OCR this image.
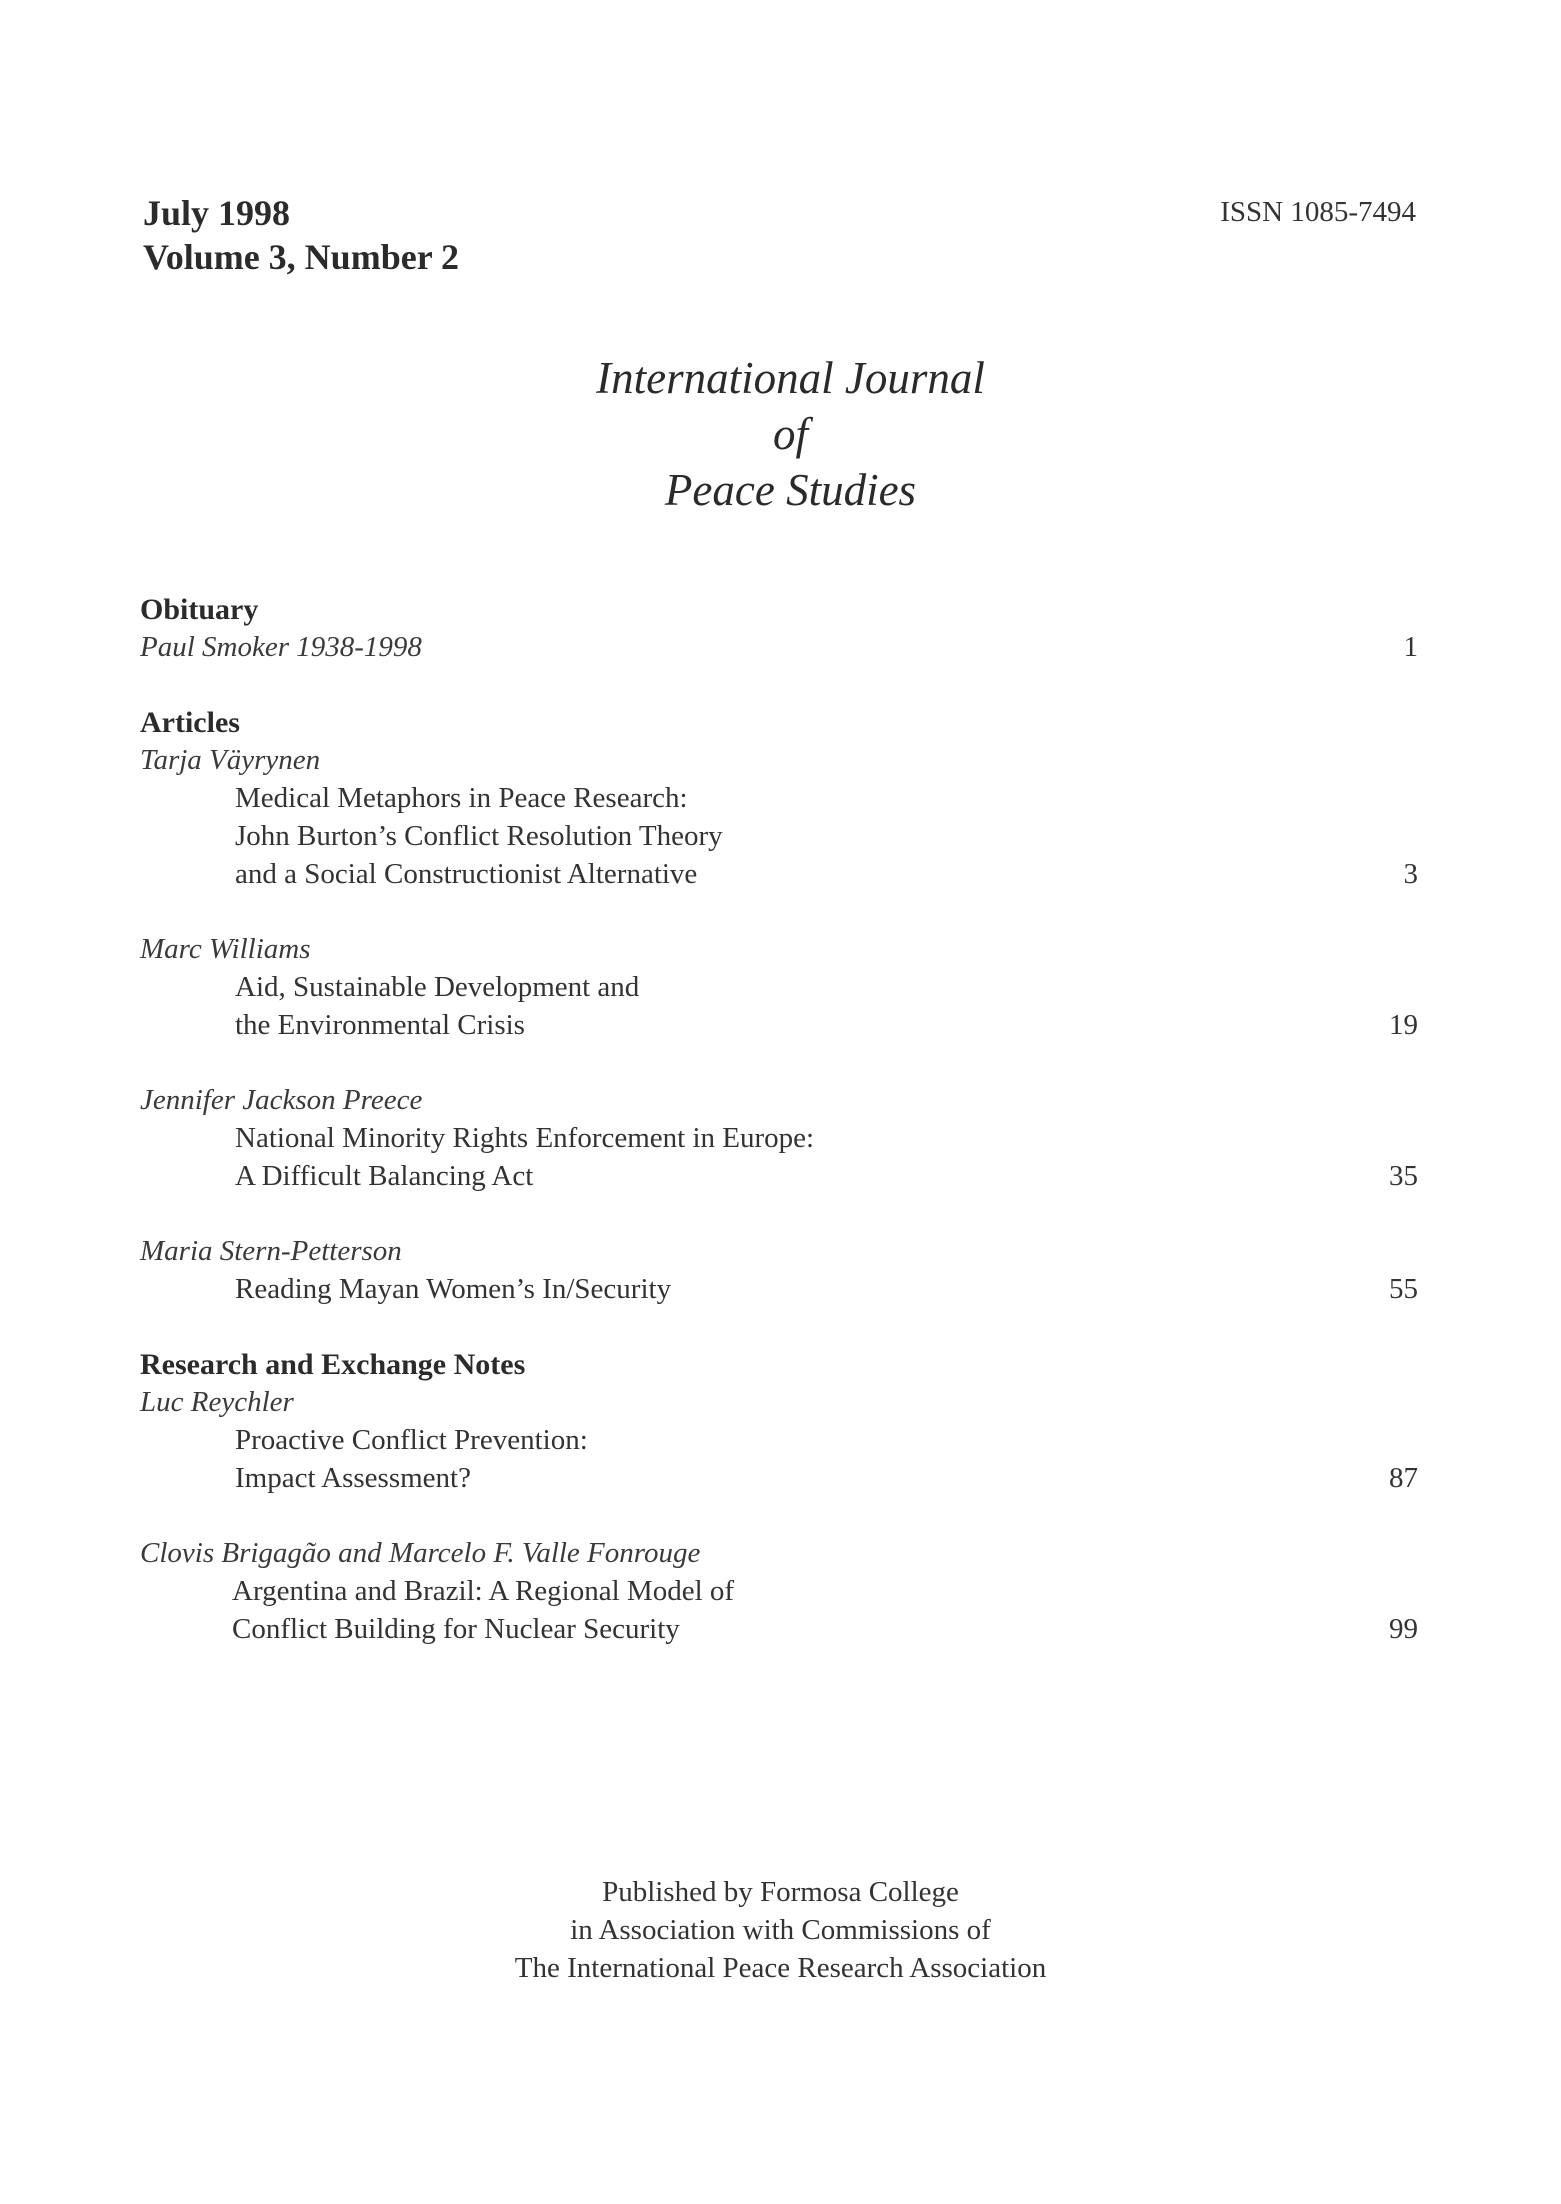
July 1998
Volume 3, Number 2
ISSN 1085-7494
International Journal
of
Peace Studies
Obituary
Paul Smoker 1938-1998	1
Articles
Tarja Väyrynen
Medical Metaphors in Peace Research:
John Burton’s Conflict Resolution Theory
and a Social Constructionist Alternative	3
Marc Williams
Aid, Sustainable Development and
the Environmental Crisis	19
Jennifer Jackson Preece
National Minority Rights Enforcement in Europe:
A Difficult Balancing Act	35
Maria Stern-Petterson
Reading Mayan Women’s In/Security	55
Research and Exchange Notes
Luc Reychler
Proactive Conflict Prevention:
Impact Assessment?	87
Clovis Brigagão and Marcelo F. Valle Fonrouge
Argentina and Brazil: A Regional Model of
Conflict Building for Nuclear Security	99
Published by Formosa College
in Association with Commissions of
The International Peace Research Association
